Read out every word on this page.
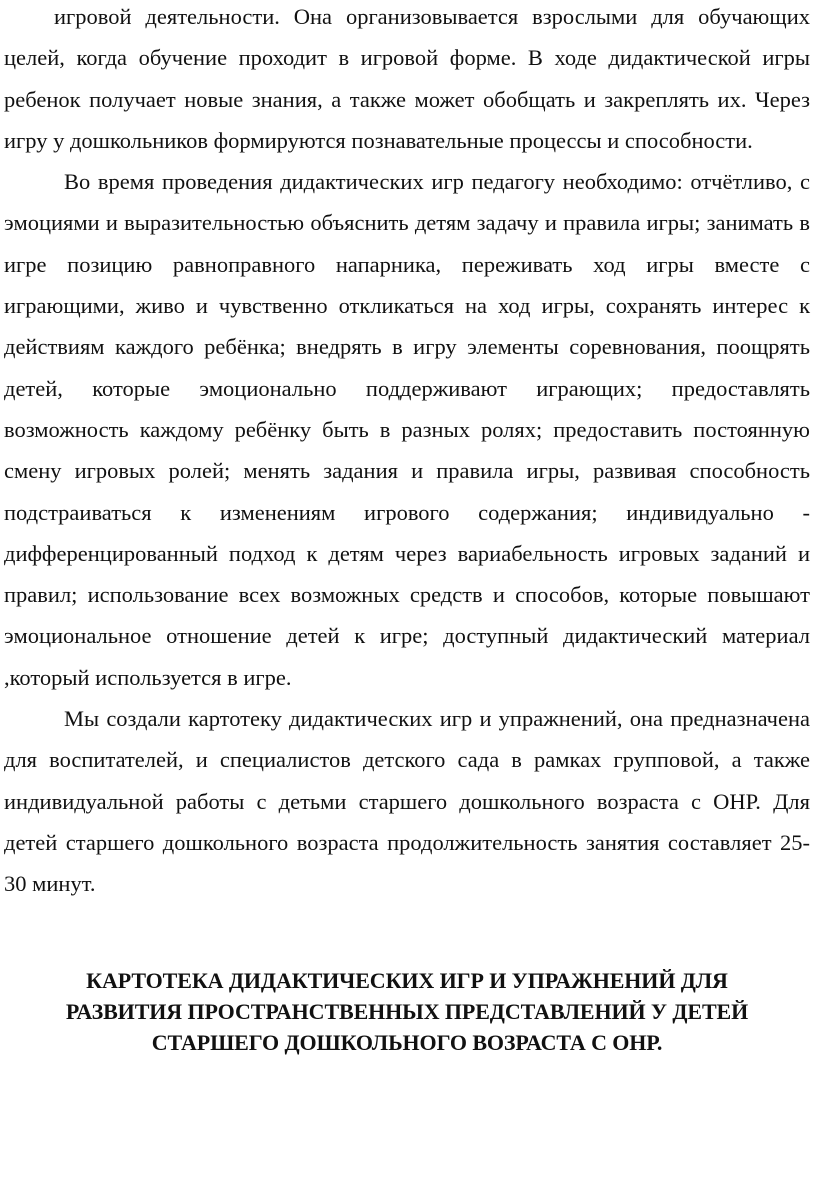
игровой деятельности. Она организовывается взрослыми для обучающих целей, когда обучение проходит в игровой форме. В ходе дидактической игры ребенок получает новые знания, а также может обобщать и закреплять их. Через игру у дошкольников формируются познавательные процессы и способности.

Во время проведения дидактических игр педагогу необходимо: отчётливо, с эмоциями и выразительностью объяснить детям задачу и правила игры; занимать в игре позицию равноправного напарника, переживать ход игры вместе с играющими, живо и чувственно откликаться на ход игры, сохранять интерес к действиям каждого ребёнка; внедрять в игру элементы соревнования, поощрять детей, которые эмоционально поддерживают играющих; предоставлять возможность каждому ребёнку быть в разных ролях; предоставить постоянную смену игровых ролей; менять задания и правила игры, развивая способность подстраиваться к изменениям игрового содержания; индивидуально - дифференцированный подход к детям через вариабельность игровых заданий и правил; использование всех возможных средств и способов, которые повышают эмоциональное отношение детей к игре; доступный дидактический материал ,который используется в игре.

Мы создали картотеку дидактических игр и упражнений, она предназначена для воспитателей, и специалистов детского сада в рамках групповой, а также индивидуальной работы с детьми старшего дошкольного возраста с ОНР. Для детей старшего дошкольного возраста продолжительность занятия составляет 25-30 минут.

КАРТОТЕКА ДИДАКТИЧЕСКИХ ИГР И УПРАЖНЕНИЙ ДЛЯ
РАЗВИТИЯ ПРОСТРАНСТВЕННЫХ ПРЕДСТАВЛЕНИЙ У ДЕТЕЙ
СТАРШЕГО ДОШКОЛЬНОГО ВОЗРАСТА С ОНР.
